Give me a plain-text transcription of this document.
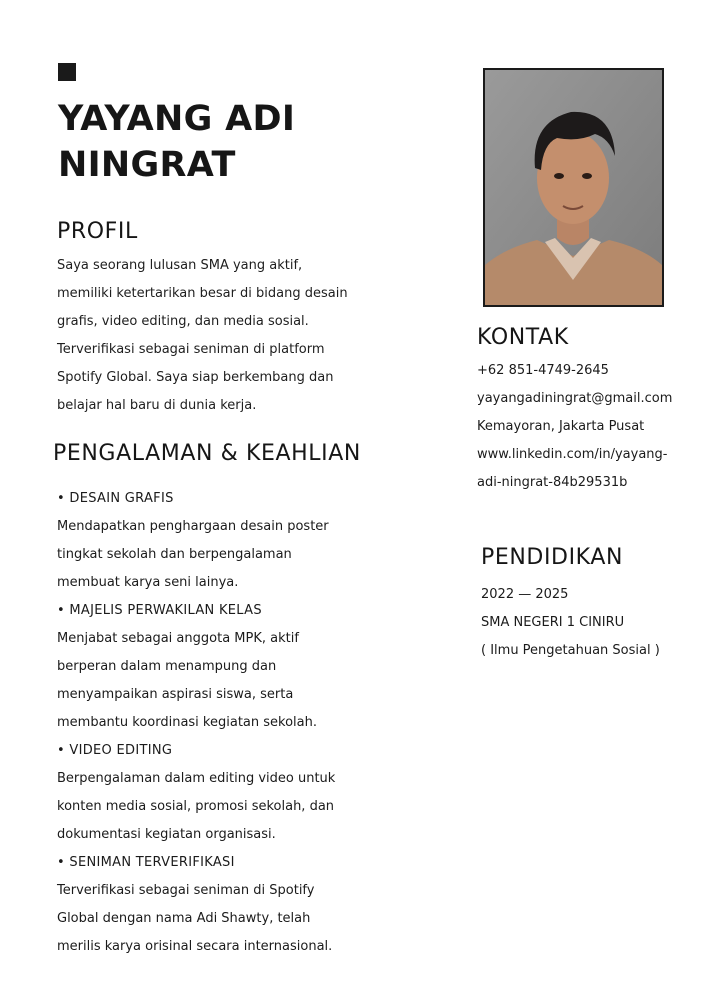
YAYANG ADI
NINGRAT
PROFIL
Saya seorang lulusan SMA yang aktif,
memiliki ketertarikan besar di bidang desain
grafis, video editing, dan media sosial.
Terverifikasi sebagai seniman di platform
Spotify Global. Saya siap berkembang dan
belajar hal baru di dunia kerja.
PENGALAMAN & KEAHLIAN
• DESAIN GRAFIS
Mendapatkan penghargaan desain poster
tingkat sekolah dan berpengalaman
membuat karya seni lainya.
• MAJELIS PERWAKILAN KELAS
Menjabat sebagai anggota MPK, aktif
berperan dalam menampung dan
menyampaikan aspirasi siswa, serta
membantu koordinasi kegiatan sekolah.
• VIDEO EDITING
Berpengalaman dalam editing video untuk
konten media sosial, promosi sekolah, dan
dokumentasi kegiatan organisasi.
• SENIMAN TERVERIFIKASI
Terverifikasi sebagai seniman di Spotify
Global dengan nama Adi Shawty, telah
merilis karya orisinal secara internasional.
KONTAK
+62 851-4749-2645
yayangadiningrat@gmail.com
Kemayoran, Jakarta Pusat
www.linkedin.com/in/yayang-
adi-ningrat-84b29531b
PENDIDIKAN
2022 — 2025
SMA NEGERI 1 CINIRU
( Ilmu Pengetahuan Sosial )
